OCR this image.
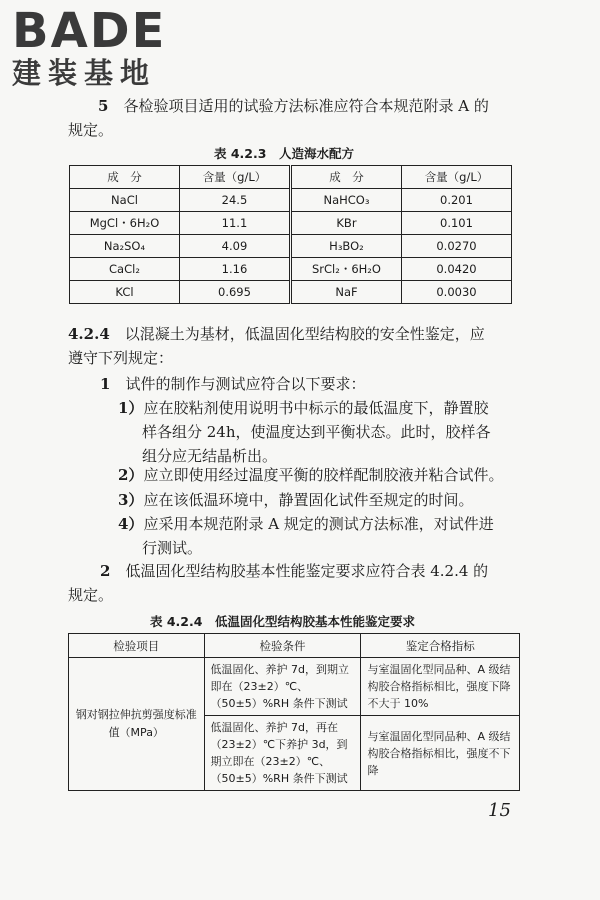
BADE
建装基地

5　 各检验项目适用的试验方法标准应符合本规范附录 A 的

规定。

表 4.2.3　人造海水配方
成　分	含量（g/L）	成　分	含量（g/L）
NaCl	24.5	NaHCO₃	0.201
MgCl・6H₂O	11.1	KBr	0.101
Na₂SO₄	4.09	H₃BO₂	0.0270
CaCl₂	1.16	SrCl₂・6H₂O	0.0420
KCl	0.695	NaF	0.0030

4.2.4　 以混凝土为基材，低温固化型结构胶的安全性鉴定，应

遵守下列规定：

1　 试件的制作与测试应符合以下要求：

1）应在胶粘剂使用说明书中标示的最低温度下，静置胶

样各组分 24h，使温度达到平衡状态。此时，胶样各

组分应无结晶析出。

2）应立即使用经过温度平衡的胶样配制胶液并粘合试件。

3）应在该低温环境中，静置固化试件至规定的时间。

4）应采用本规范附录 A 规定的测试方法标准，对试件进

行测试。

2　 低温固化型结构胶基本性能鉴定要求应符合表 4.2.4 的

规定。

表 4.2.4　低温固化型结构胶基本性能鉴定要求
检验项目	检验条件	鉴定合格指标
钢对钢拉伸抗剪强度标准值（MPa）	低温固化、养护 7d，到期立即在（23±2）℃、（50±5）%RH 条件下测试	与室温固化型同品种、A 级结构胶合格指标相比，强度下降不大于 10%
	低温固化、养护 7d，再在（23±2）℃下养护 3d，到期立即在（23±2）℃、（50±5）%RH 条件下测试	与室温固化型同品种、A 级结构胶合格指标相比，强度不下降
15
